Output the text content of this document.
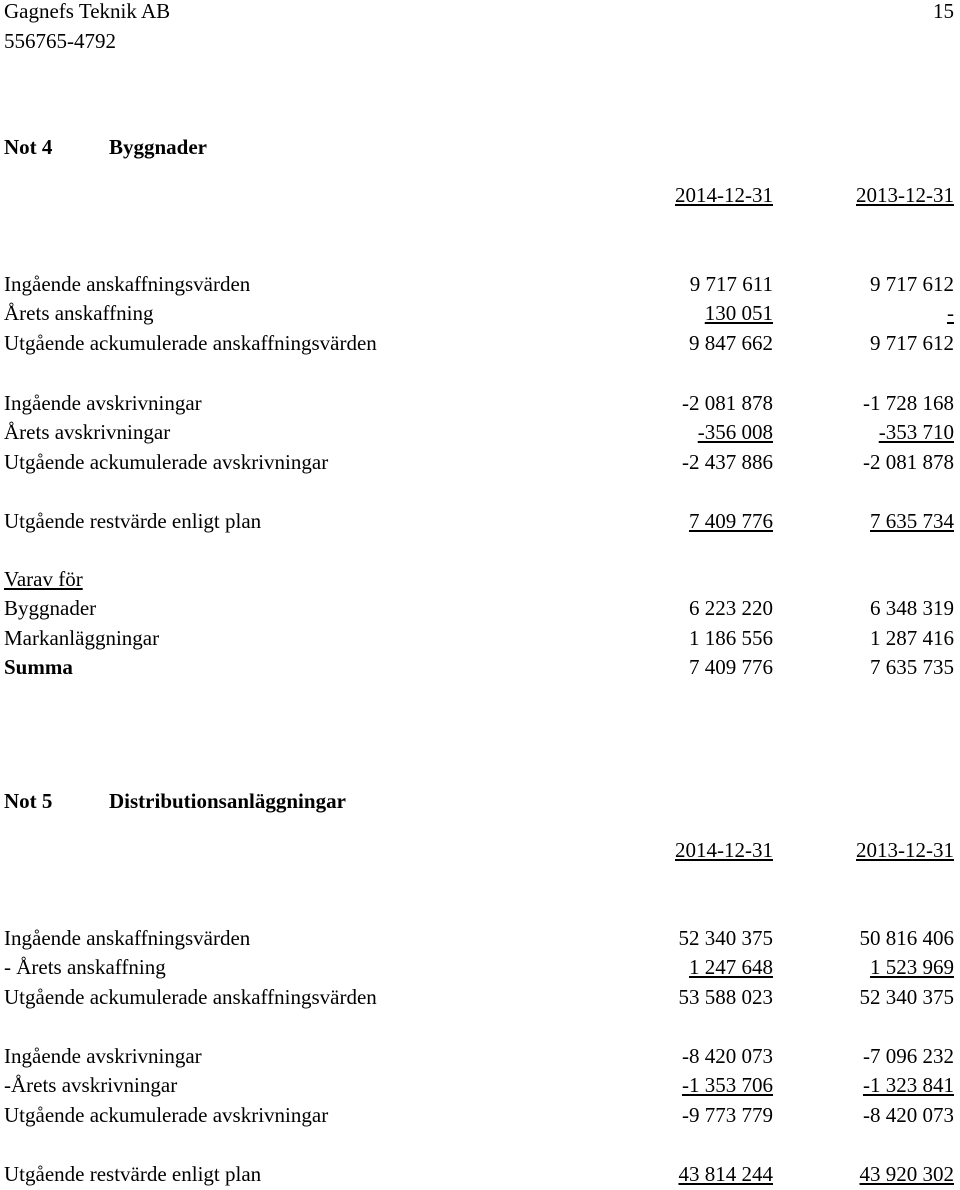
Gagnefs Teknik AB
556765-4792
15
Not 4	Byggnader
2014-12-31	2013-12-31
Ingående anskaffningsvärden	9 717 611	9 717 612
Årets anskaffning	130 051	-
Utgående ackumulerade anskaffningsvärden	9 847 662	9 717 612
Ingående avskrivningar	-2 081 878	-1 728 168
Årets avskrivningar	-356 008	-353 710
Utgående ackumulerade avskrivningar	-2 437 886	-2 081 878
Utgående restvärde enligt plan	7 409 776	7 635 734
Varav för
Byggnader	6 223 220	6 348 319
Markanläggningar	1 186 556	1 287 416
Summa	7 409 776	7 635 735
Not 5	Distributionsanläggningar
2014-12-31	2013-12-31
Ingående anskaffningsvärden	52 340 375	50 816 406
- Årets anskaffning	1 247 648	1 523 969
Utgående ackumulerade anskaffningsvärden	53 588 023	52 340 375
Ingående avskrivningar	-8 420 073	-7 096 232
-Årets avskrivningar	-1 353 706	-1 323 841
Utgående ackumulerade avskrivningar	-9 773 779	-8 420 073
Utgående restvärde enligt plan	43 814 244	43 920 302
